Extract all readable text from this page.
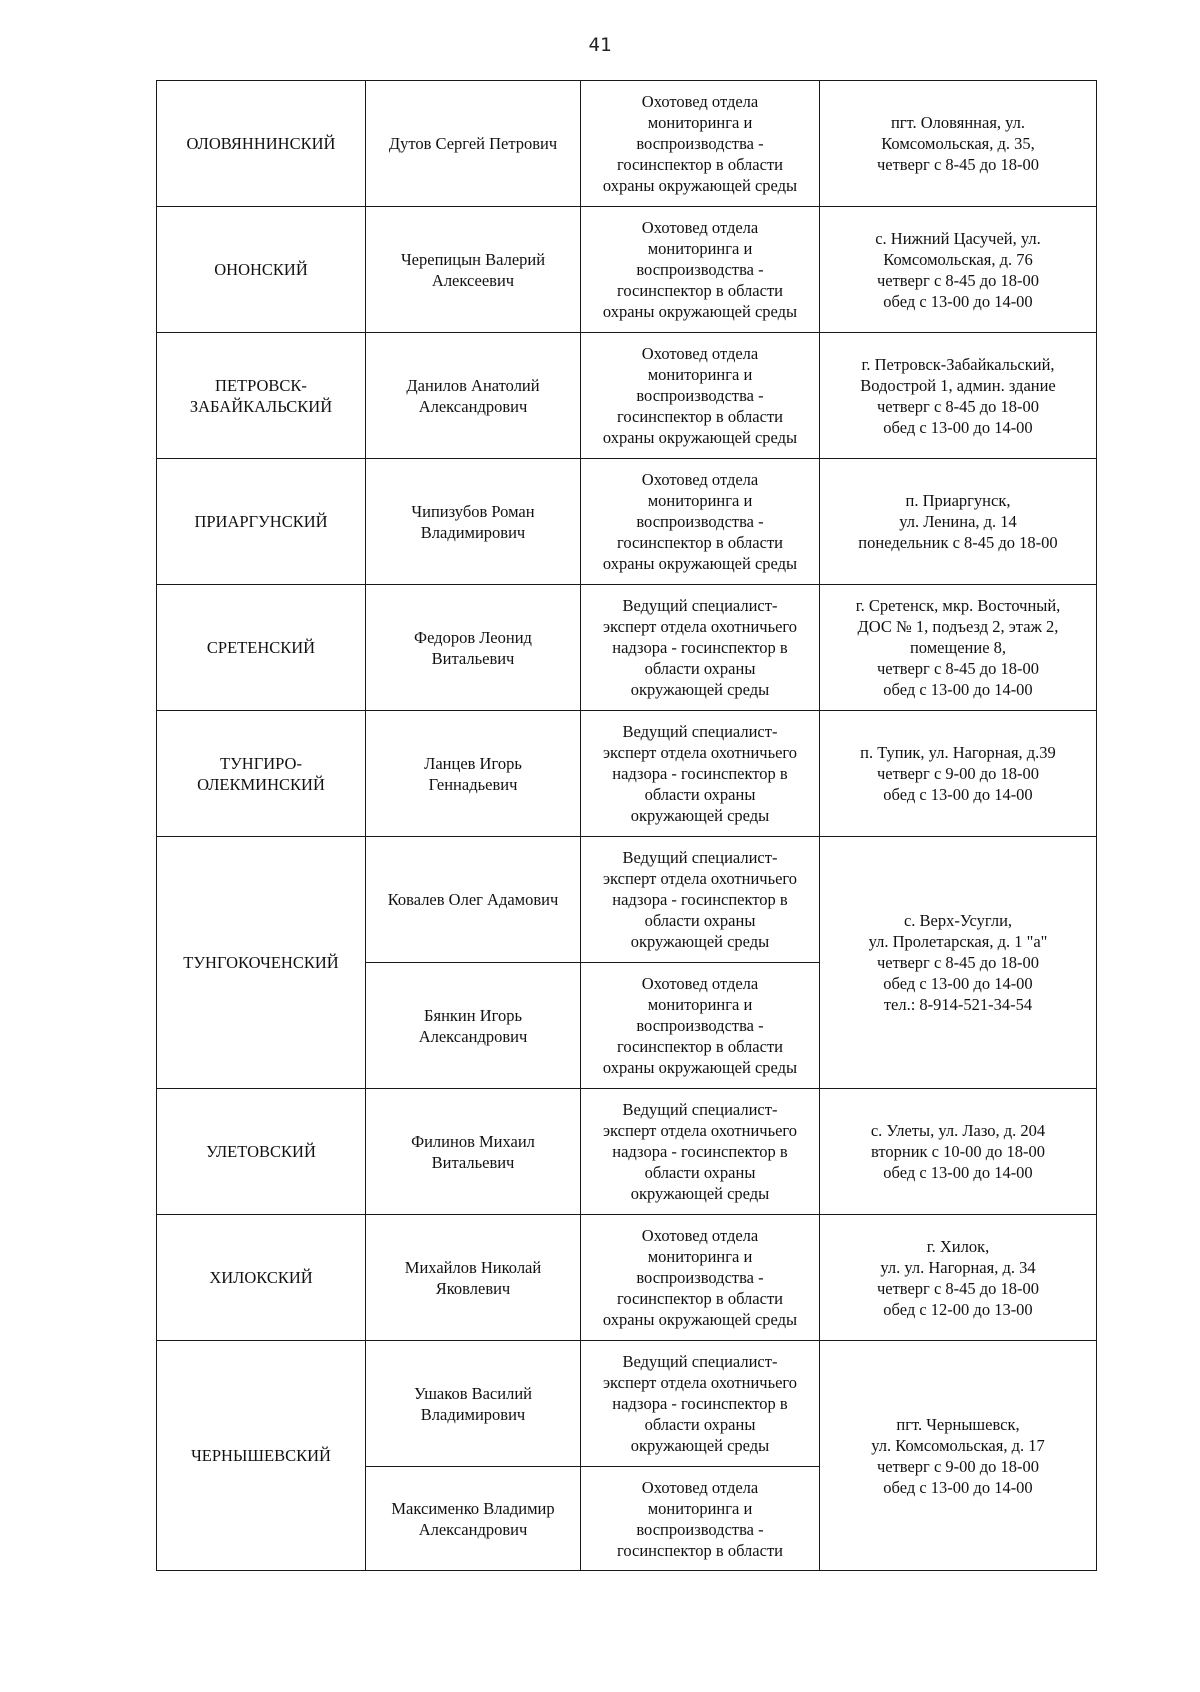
41
ОЛОВЯННИНСКИЙ	Дутов Сергей Петрович	Охотовед отдела
мониторинга и
воспроизводства -
госинспектор в области
охраны окружающей среды	пгт. Оловянная, ул.
Комсомольская, д. 35,
четверг с 8-45 до 18-00
ОНОНСКИЙ	Черепицын Валерий
Алексеевич	Охотовед отдела
мониторинга и
воспроизводства -
госинспектор в области
охраны окружающей среды	с. Нижний Цасучей, ул.
Комсомольская, д. 76
четверг с 8-45 до 18-00
обед с 13-00 до 14-00
ПЕТРОВСК-
ЗАБАЙКАЛЬСКИЙ	Данилов Анатолий
Александрович	Охотовед отдела
мониторинга и
воспроизводства -
госинспектор в области
охраны окружающей среды	г. Петровск-Забайкальский,
Водострой 1, админ. здание
четверг с 8-45 до 18-00
обед с 13-00 до 14-00
ПРИАРГУНСКИЙ	Чипизубов Роман
Владимирович	Охотовед отдела
мониторинга и
воспроизводства -
госинспектор в области
охраны окружающей среды	п. Приаргунск,
ул. Ленина, д. 14
понедельник с 8-45 до 18-00
СРЕТЕНСКИЙ	Федоров Леонид
Витальевич	Ведущий специалист-
эксперт отдела охотничьего
надзора - госинспектор в
области охраны
окружающей среды	г. Сретенск, мкр. Восточный,
ДОС № 1, подъезд 2, этаж 2,
помещение 8,
четверг с 8-45 до 18-00
обед с 13-00 до 14-00
ТУНГИРО-
ОЛЕКМИНСКИЙ	Ланцев Игорь
Геннадьевич	Ведущий специалист-
эксперт отдела охотничьего
надзора - госинспектор в
области охраны
окружающей среды	п. Тупик, ул. Нагорная, д.39
четверг с 9-00 до 18-00
обед с 13-00 до 14-00
ТУНГОКОЧЕНСКИЙ	Ковалев Олег Адамович	Ведущий специалист-
эксперт отдела охотничьего
надзора - госинспектор в
области охраны
окружающей среды	с. Верх-Усугли,
ул. Пролетарская, д. 1 "а"
четверг с 8-45 до 18-00
обед с 13-00 до 14-00
тел.: 8-914-521-34-54
	Бянкин Игорь
Александрович	Охотовед отдела
мониторинга и
воспроизводства -
госинспектор в области
охраны окружающей среды	
УЛЕТОВСКИЙ	Филинов Михаил
Витальевич	Ведущий специалист-
эксперт отдела охотничьего
надзора - госинспектор в
области охраны
окружающей среды	с. Улеты, ул. Лазо, д. 204
вторник с 10-00 до 18-00
обед с 13-00 до 14-00
ХИЛОКСКИЙ	Михайлов Николай
Яковлевич	Охотовед отдела
мониторинга и
воспроизводства -
госинспектор в области
охраны окружающей среды	г. Хилок,
ул. ул. Нагорная, д. 34
четверг с 8-45 до 18-00
обед с 12-00 до 13-00
ЧЕРНЫШЕВСКИЙ	Ушаков Василий
Владимирович	Ведущий специалист-
эксперт отдела охотничьего
надзора - госинспектор в
области охраны
окружающей среды	пгт. Чернышевск,
ул. Комсомольская, д. 17
четверг с 9-00 до 18-00
обед с 13-00 до 14-00
	Максименко Владимир
Александрович	Охотовед отдела
мониторинга и
воспроизводства -
госинспектор в области	
